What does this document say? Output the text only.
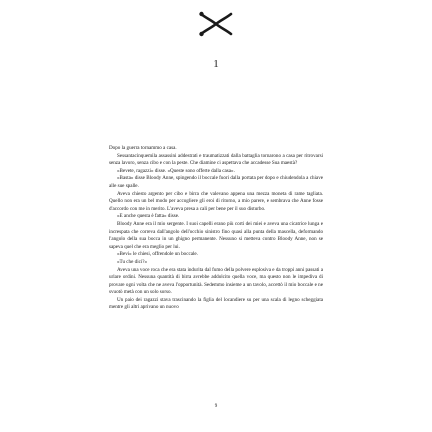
1

Dopo la guerra tornammo a casa.

Sessantacinquemila assassini addestrati e traumatizzati dalla battaglia tornarono a casa per ritrovarsi senza lavoro, senza cibo e con la peste. Che diamine ci aspettava che accadesse Sua maestà?

«Bevete, ragazzi» disse. «Queste sono offerte dalla casa».

«Basta» disse Bloody Anne, spingendo il boccale fuori dalla portata per dopo e chiudendola a chiave alle sue spalle.

Aveva chiesto argento per cibo e birra che valevano appena una mezza moneta di rame tagliata. Quello non era un bel modo per accogliere gli eroi di ritorno, a mio parere, e sembrava che Anne fosse d'accordo con me in merito. L'aveva presa a cali per bene per il suo disturbo.

«E anche questa è fatta» disse.

Bloody Anne era il mio sergente. I suoi capelli erano più corti dei miei e aveva una cicatrice lunga e increspata che correva dall'angolo dell'occhio sinistro fino quasi alla punta della mascella, deformando l'angolo della sua bocca in un ghigno permanente. Nessuno si metteva contro Bloody Anne, non se sapeva quel che era meglio per lui.

«Bevi» le chiesi, offrendole un boccale.

«Tu che dici?»

Aveva una voce roca che era stata indurita dal fumo della polvere esplosiva e da troppi anni passati a urlare ordini. Nessuna quantità di birra avrebbe addolcito quella voce, ma questo non le impediva di provare ogni volta che ne aveva l'opportunità. Sedemmo insieme a un tavolo, accettò il mio boccale e ne svuotò metà con un solo sorso.

Un paio dei ragazzi stava trascinando la figlia del locandiere su per una scala di legno scheggiata mentre gli altri aprivano un nuovo

9
